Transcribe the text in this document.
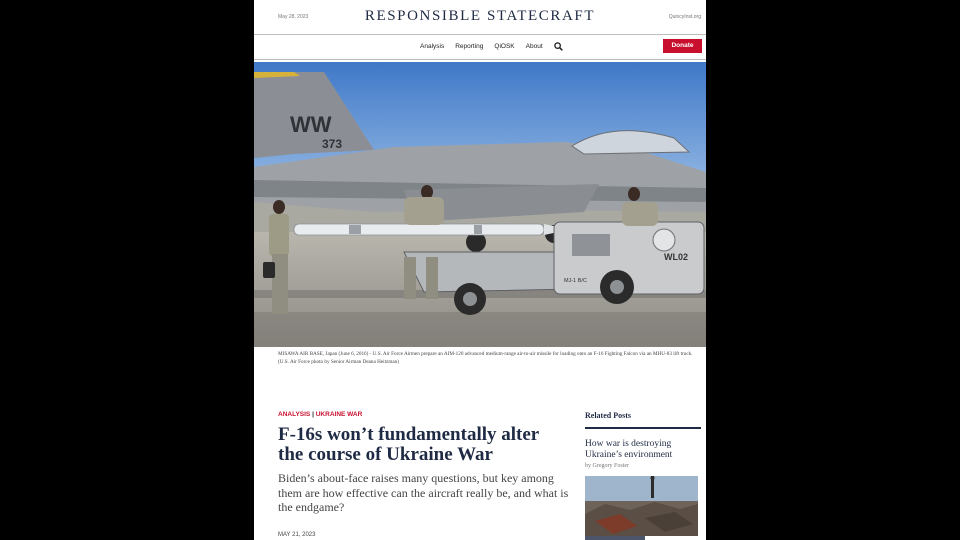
May 28, 2023	RESPONSIBLE STATECRAFT	QuincyInst.org
Analysis Reporting QiOSK About	Donate
WL02
MJ-1 B/C
WW
373
MISAWA AIR BASE, Japan (June 6, 2016) - U.S. Air Force Airmen prepare an AIM-120 advanced medium-range air-to-air missile for loading onto an F-16 Fighting Falcon via an MHU-83 lift truck. (U.S. Air Force photo by Senior Airman Deana Heitzman)
ANALYSIS | UKRAINE WAR
F-16s won’t fundamentally alter the course of Ukraine War

Biden’s about-face raises many questions, but key among them are how effective can the aircraft really be, and what is the endgame?

MAY 21, 2023
Related Posts
How war is destroying Ukraine’s environment
by Gregory Foster
